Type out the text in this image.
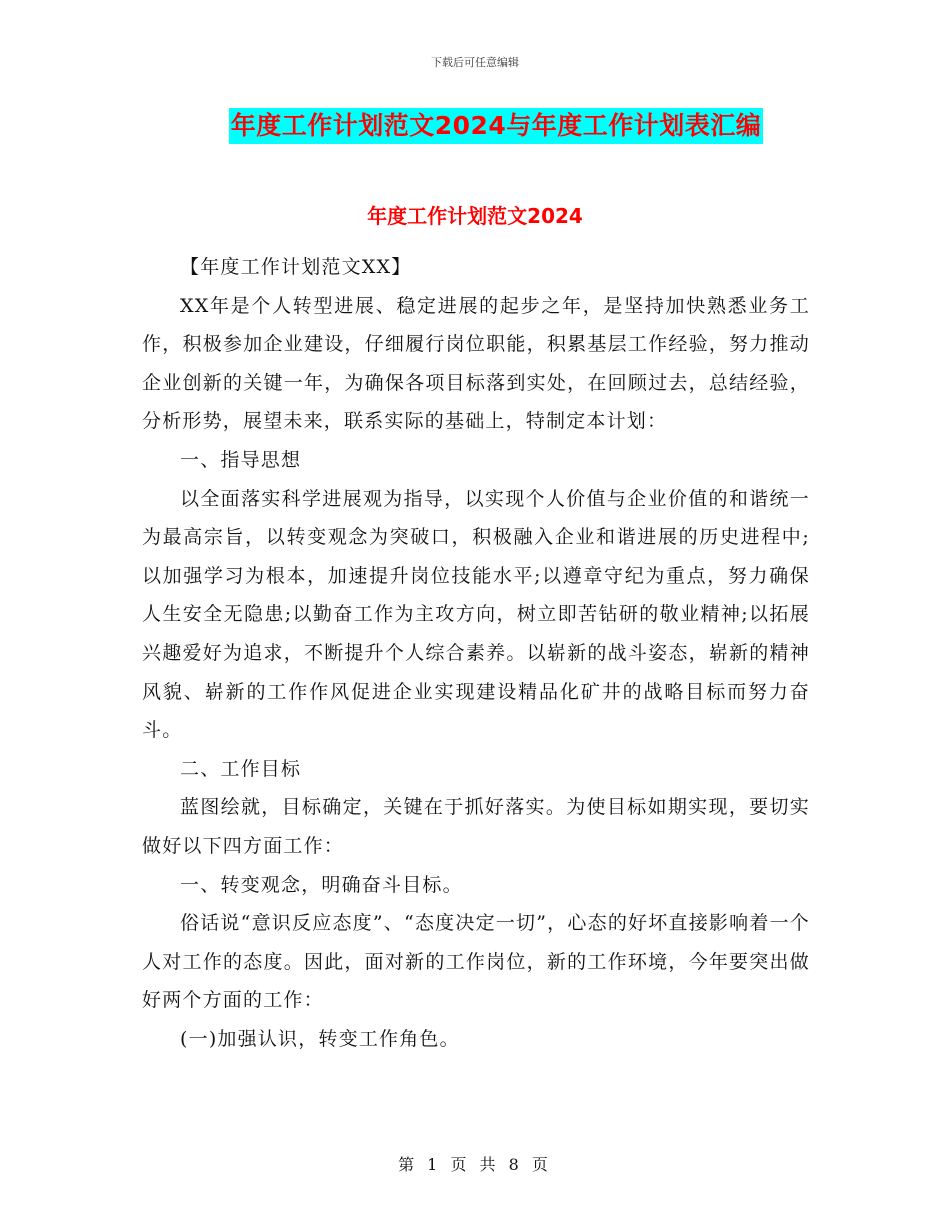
下载后可任意编辑
年度工作计划范文2024与年度工作计划表汇编
年度工作计划范文2024

【年度工作计划范文XX】

XX年是个人转型进展、稳定进展的起步之年，是坚持加快熟悉业务工作，积极参加企业建设，仔细履行岗位职能，积累基层工作经验，努力推动企业创新的关键一年，为确保各项目标落到实处，在回顾过去，总结经验，分析形势，展望未来，联系实际的基础上，特制定本计划：

一、指导思想

以全面落实科学进展观为指导，以实现个人价值与企业价值的和谐统一为最高宗旨，以转变观念为突破口，积极融入企业和谐进展的历史进程中;以加强学习为根本，加速提升岗位技能水平;以遵章守纪为重点，努力确保人生安全无隐患;以勤奋工作为主攻方向，树立即苦钻研的敬业精神;以拓展兴趣爱好为追求，不断提升个人综合素养。以崭新的战斗姿态，崭新的精神风貌、崭新的工作作风促进企业实现建设精品化矿井的战略目标而努力奋斗。

二、工作目标

蓝图绘就，目标确定，关键在于抓好落实。为使目标如期实现，要切实做好以下四方面工作：

一、转变观念，明确奋斗目标。

俗话说“意识反应态度”、“态度决定一切”，心态的好坏直接影响着一个人对工作的态度。因此，面对新的工作岗位，新的工作环境，今年要突出做好两个方面的工作：

(一)加强认识，转变工作角色。

第 1 页 共 8 页
